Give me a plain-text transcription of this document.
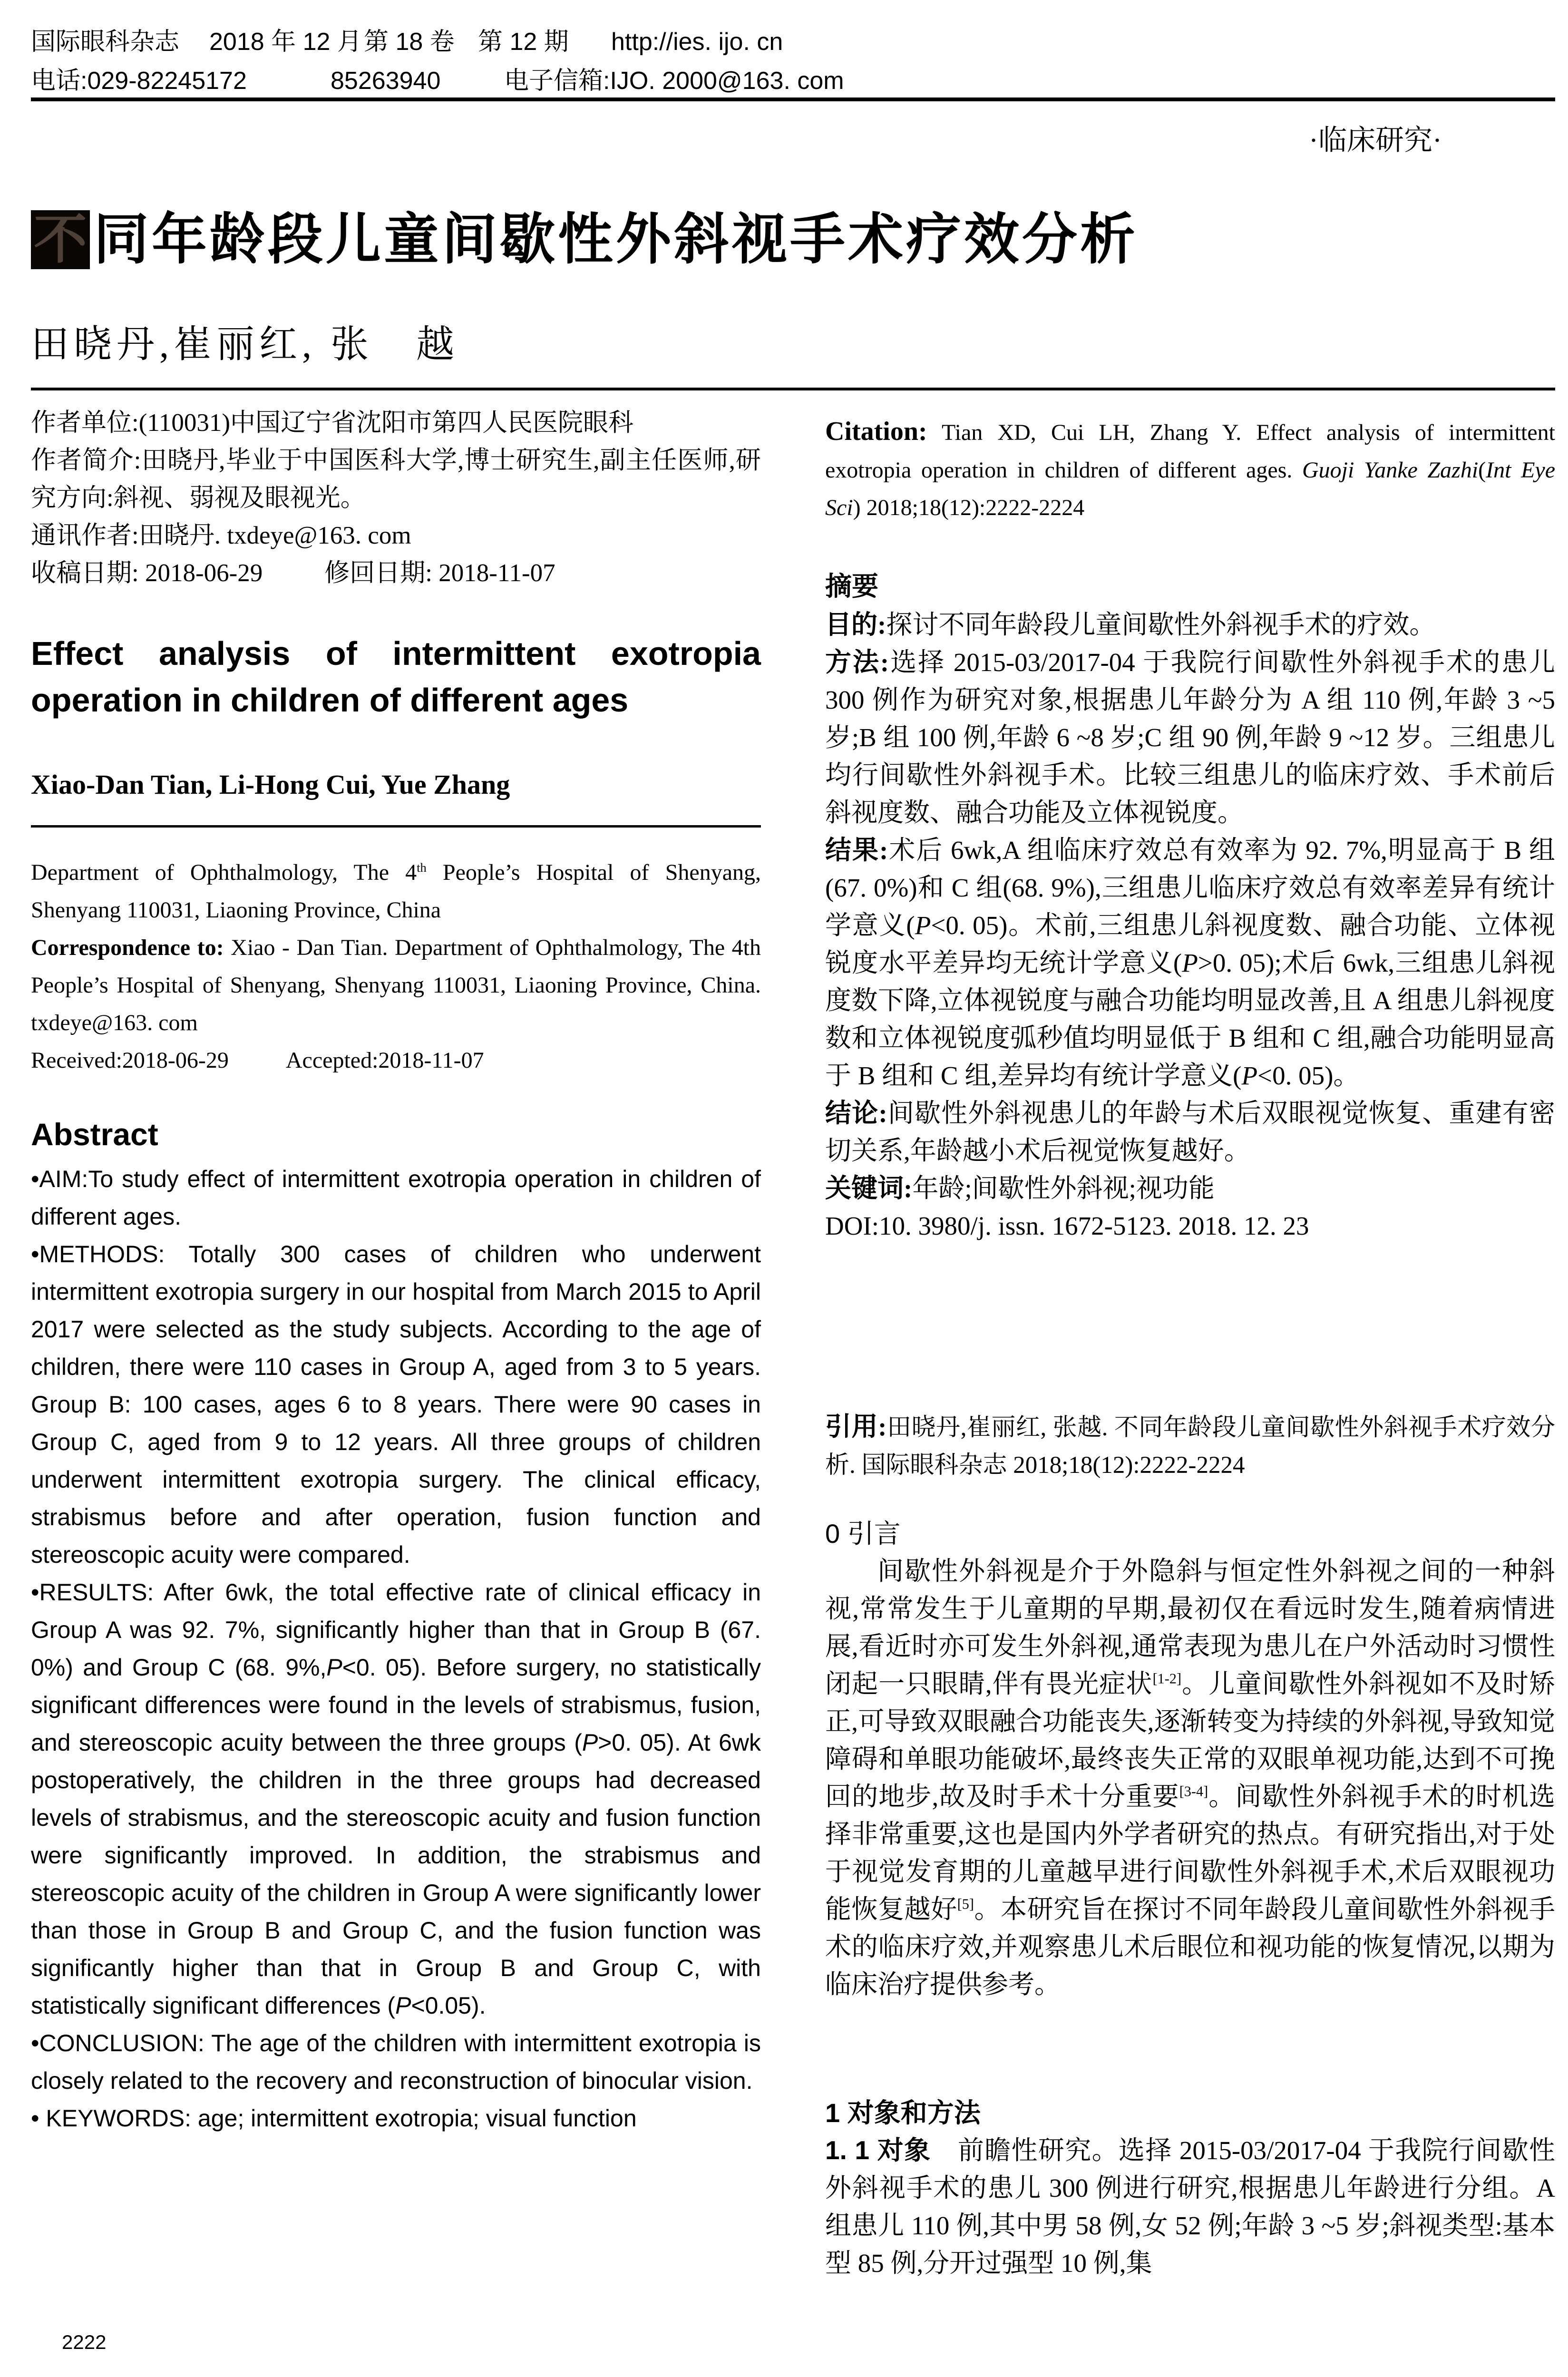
国际眼科杂志 2018 年 12 月第 18 卷 第 12 期 http://ies. ijo. cn
电话:029-82245172	85263940	电子信箱:IJO. 2000@163. com
·临床研究·
不 同年龄段儿童间歇性外斜视手术疗效分析
田晓丹,崔丽红, 张　越

作者单位:(110031)中国辽宁省沈阳市第四人民医院眼科

作者简介:田晓丹,毕业于中国医科大学,博士研究生,副主任医师,研究方向:斜视、弱视及眼视光。

通讯作者:田晓丹. txdeye@163. com

收稿日期: 2018-06-29 修回日期: 2018-11-07

Effect analysis of intermittent exotropia operation in children of different ages
Xiao-Dan Tian, Li-Hong Cui, Yue Zhang

Department of Ophthalmology, The 4th People’s Hospital of Shenyang, Shenyang 110031, Liaoning Province, China

Correspondence to: Xiao - Dan Tian. Department of Ophthalmology, The 4th People’s Hospital of Shenyang, Shenyang 110031, Liaoning Province, China. txdeye@163. com

Received:2018-06-29	Accepted:2018-11-07

Abstract

•AIM:To study effect of intermittent exotropia operation in children of different ages.

•METHODS: Totally 300 cases of children who underwent intermittent exotropia surgery in our hospital from March 2015 to April 2017 were selected as the study subjects. According to the age of children, there were 110 cases in Group A, aged from 3 to 5 years. Group B: 100 cases, ages 6 to 8 years. There were 90 cases in Group C, aged from 9 to 12 years. All three groups of children underwent intermittent exotropia surgery. The clinical efficacy, strabismus before and after operation, fusion function and stereoscopic acuity were compared.

•RESULTS: After 6wk, the total effective rate of clinical efficacy in Group A was 92. 7%, significantly higher than that in Group B (67. 0%) and Group C (68. 9%,P<0. 05). Before surgery, no statistically significant differences were found in the levels of strabismus, fusion, and stereoscopic acuity between the three groups (P>0. 05). At 6wk postoperatively, the children in the three groups had decreased levels of strabismus, and the stereoscopic acuity and fusion function were significantly improved. In addition, the strabismus and stereoscopic acuity of the children in Group A were significantly lower than those in Group B and Group C, and the fusion function was significantly higher than that in Group B and Group C, with statistically significant differences (P<0.05).

•CONCLUSION: The age of the children with intermittent exotropia is closely related to the recovery and reconstruction of binocular vision.

• KEYWORDS: age; intermittent exotropia; visual function

2222

Citation: Tian XD, Cui LH, Zhang Y. Effect analysis of intermittent exotropia operation in children of different ages. Guoji Yanke Zazhi(Int Eye Sci) 2018;18(12):2222-2224

摘要

目的:探讨不同年龄段儿童间歇性外斜视手术的疗效。

方法:选择 2015-03/2017-04 于我院行间歇性外斜视手术的患儿 300 例作为研究对象,根据患儿年龄分为 A 组 110 例,年龄 3 ~5 岁;B 组 100 例,年龄 6 ~8 岁;C 组 90 例,年龄 9 ~12 岁。三组患儿均行间歇性外斜视手术。比较三组患儿的临床疗效、手术前后斜视度数、融合功能及立体视锐度。

结果:术后 6wk,A 组临床疗效总有效率为 92. 7%,明显高于 B 组(67. 0%)和 C 组(68. 9%),三组患儿临床疗效总有效率差异有统计学意义(P<0. 05)。术前,三组患儿斜视度数、融合功能、立体视锐度水平差异均无统计学意义(P>0. 05);术后 6wk,三组患儿斜视度数下降,立体视锐度与融合功能均明显改善,且 A 组患儿斜视度数和立体视锐度弧秒值均明显低于 B 组和 C 组,融合功能明显高于 B 组和 C 组,差异均有统计学意义(P<0. 05)。

结论:间歇性外斜视患儿的年龄与术后双眼视觉恢复、重建有密切关系,年龄越小术后视觉恢复越好。

关键词:年龄;间歇性外斜视;视功能

DOI:10. 3980/j. issn. 1672-5123. 2018. 12. 23

引用:田晓丹,崔丽红, 张越. 不同年龄段儿童间歇性外斜视手术疗效分析. 国际眼科杂志 2018;18(12):2222-2224

0 引言

间歇性外斜视是介于外隐斜与恒定性外斜视之间的一种斜视,常常发生于儿童期的早期,最初仅在看远时发生,随着病情进展,看近时亦可发生外斜视,通常表现为患儿在户外活动时习惯性闭起一只眼睛,伴有畏光症状[1-2]。儿童间歇性外斜视如不及时矫正,可导致双眼融合功能丧失,逐渐转变为持续的外斜视,导致知觉障碍和单眼功能破坏,最终丧失正常的双眼单视功能,达到不可挽回的地步,故及时手术十分重要[3-4]。间歇性外斜视手术的时机选择非常重要,这也是国内外学者研究的热点。有研究指出,对于处于视觉发育期的儿童越早进行间歇性外斜视手术,术后双眼视功能恢复越好[5]。本研究旨在探讨不同年龄段儿童间歇性外斜视手术的临床疗效,并观察患儿术后眼位和视功能的恢复情况,以期为临床治疗提供参考。

1 对象和方法

1. 1 对象　前瞻性研究。选择 2015-03/2017-04 于我院行间歇性外斜视手术的患儿 300 例进行研究,根据患儿年龄进行分组。A 组患儿 110 例,其中男 58 例,女 52 例;年龄 3 ~5 岁;斜视类型:基本型 85 例,分开过强型 10 例,集
